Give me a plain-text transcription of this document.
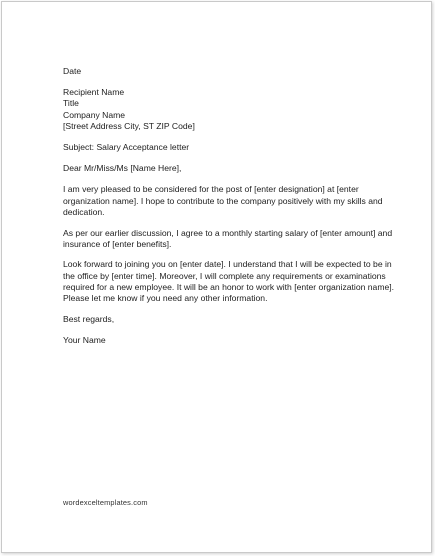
Date
Recipient Name
Title
Company Name
[Street Address City, ST ZIP Code]
Subject: Salary Acceptance letter
Dear Mr/Miss/Ms [Name Here],

I am very pleased to be considered for the post of [enter designation] at [enter organization name]. I hope to contribute to the company positively with my skills and dedication.

As per our earlier discussion, I agree to a monthly starting salary of [enter amount] and insurance of [enter benefits].

Look forward to joining you on [enter date]. I understand that I will be expected to be in the office by [enter time]. Moreover, I will complete any requirements or examinations required for a new employee. It will be an honor to work with [enter organization name]. Please let me know if you need any other information.

Best regards,
Your Name
wordexceltemplates.com
